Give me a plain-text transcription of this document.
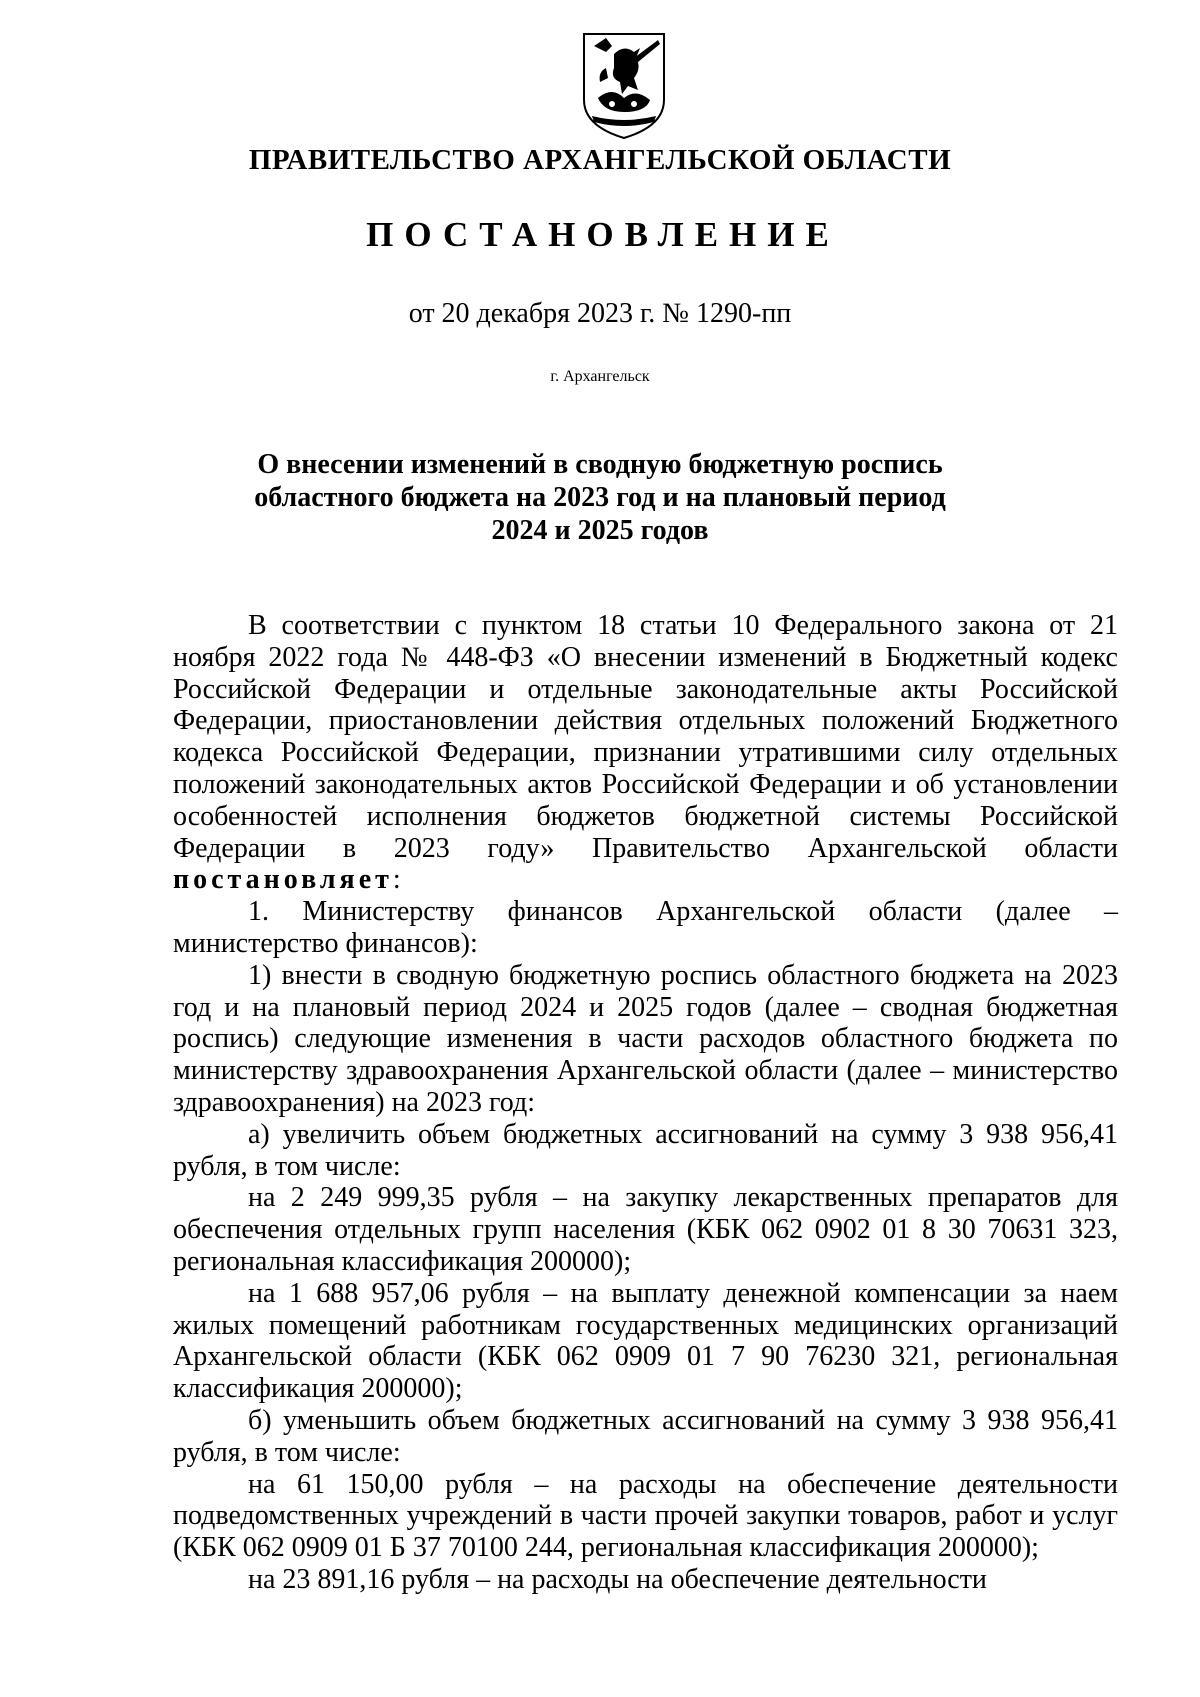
ПРАВИТЕЛЬСТВО АРХАНГЕЛЬСКОЙ ОБЛАСТИ
ПОСТАНОВЛЕНИЕ
от 20 декабря 2023 г. № 1290-пп
г. Архангельск
О внесении изменений в сводную бюджетную роспись
областного бюджета на 2023 год и на плановый период
2024 и 2025 годов

В соответствии с пунктом 18 статьи 10 Федерального закона от 21 ноября 2022 года № 448-ФЗ «О внесении изменений в Бюджетный кодекс Российской Федерации и отдельные законодательные акты Российской Федерации, приостановлении действия отдельных положений Бюджетного кодекса Российской Федерации, признании утратившими силу отдельных положений законодательных актов Российской Федерации и об установлении особенностей исполнения бюджетов бюджетной системы Российской Федерации в 2023 году» Правительство Архангельской области постановляет:

1. Министерству финансов Архангельской области (далее – министерство финансов):

1) внести в сводную бюджетную роспись областного бюджета на 2023 год и на плановый период 2024 и 2025 годов (далее – сводная бюджетная роспись) следующие изменения в части расходов областного бюджета по министерству здравоохранения Архангельской области (далее – министерство здравоохранения) на 2023 год:

а) увеличить объем бюджетных ассигнований на сумму 3 938 956,41 рубля, в том числе:

на 2 249 999,35 рубля – на закупку лекарственных препаратов для обеспечения отдельных групп населения (КБК 062 0902 01 8 30 70631 323, региональная классификация 200000);

на 1 688 957,06 рубля – на выплату денежной компенсации за наем жилых помещений работникам государственных медицинских организаций Архангельской области (КБК 062 0909 01 7 90 76230 321, региональная классификация 200000);

б) уменьшить объем бюджетных ассигнований на сумму 3 938 956,41 рубля, в том числе:

на 61 150,00 рубля – на расходы на обеспечение деятельности подведомственных учреждений в части прочей закупки товаров, работ и услуг (КБК 062 0909 01 Б 37 70100 244, региональная классификация 200000);

на 23 891,16 рубля – на расходы на обеспечение деятельности
